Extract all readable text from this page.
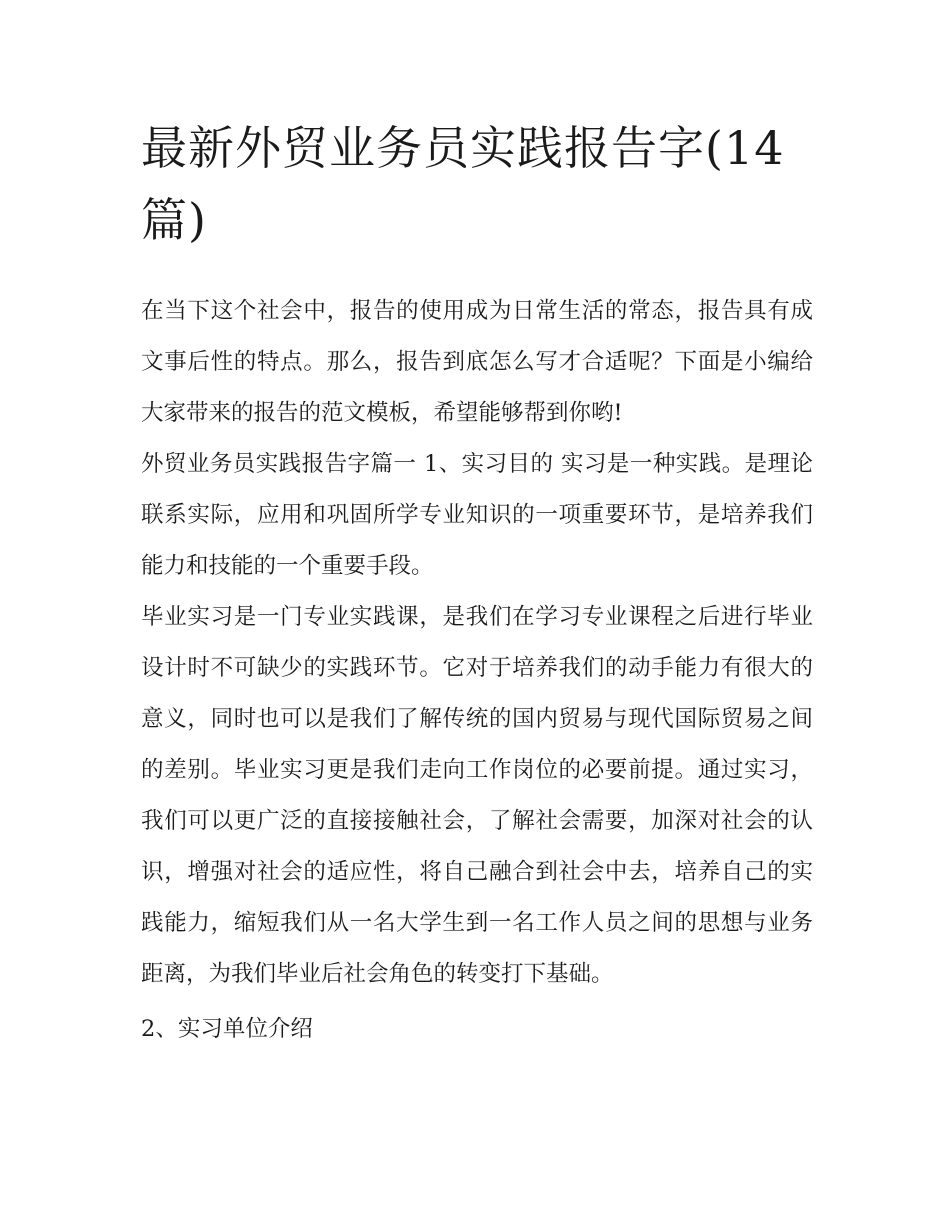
最新外贸业务员实践报告字(14篇)

在当下这个社会中，报告的使用成为日常生活的常态，报告具有成文事后性的特点。那么，报告到底怎么写才合适呢？下面是小编给大家带来的报告的范文模板，希望能够帮到你哟!

外贸业务员实践报告字篇一 1、实习目的 实习是一种实践。是理论联系实际，应用和巩固所学专业知识的一项重要环节，是培养我们能力和技能的一个重要手段。

毕业实习是一门专业实践课，是我们在学习专业课程之后进行毕业设计时不可缺少的实践环节。它对于培养我们的动手能力有很大的意义，同时也可以是我们了解传统的国内贸易与现代国际贸易之间的差别。毕业实习更是我们走向工作岗位的必要前提。通过实习，我们可以更广泛的直接接触社会，了解社会需要，加深对社会的认识，增强对社会的适应性，将自己融合到社会中去，培养自己的实践能力，缩短我们从一名大学生到一名工作人员之间的思想与业务距离，为我们毕业后社会角色的转变打下基础。

2、实习单位介绍
